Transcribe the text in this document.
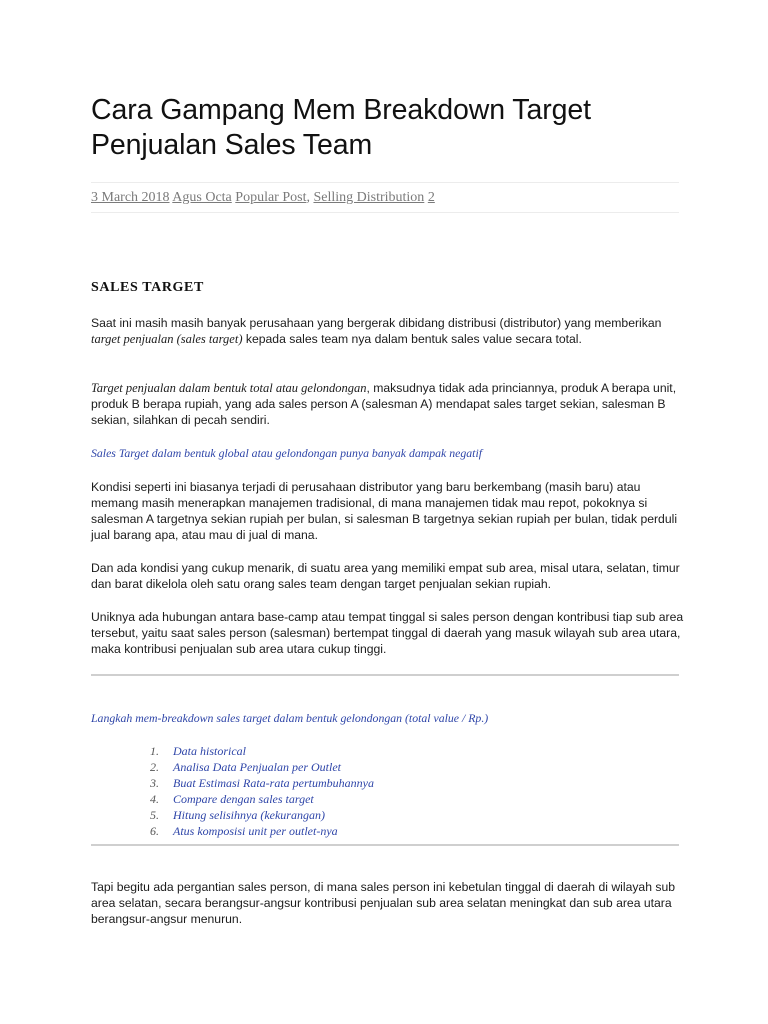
Cara Gampang Mem Breakdown Target Penjualan Sales Team
3 March 2018 Agus Octa Popular Post, Selling Distribution 2
SALES TARGET

Saat ini masih masih banyak perusahaan yang bergerak dibidang distribusi (distributor) yang memberikan target penjualan (sales target) kepada sales team nya dalam bentuk sales value secara total.

Target penjualan dalam bentuk total atau gelondongan, maksudnya tidak ada princiannya, produk A berapa unit, produk B berapa rupiah, yang ada sales person A (salesman A) mendapat sales target sekian, salesman B sekian, silahkan di pecah sendiri.

Sales Target dalam bentuk global atau gelondongan punya banyak dampak negatif

Kondisi seperti ini biasanya terjadi di perusahaan distributor yang baru berkembang (masih baru) atau memang masih menerapkan manajemen tradisional, di mana manajemen tidak mau repot, pokoknya si salesman A targetnya sekian rupiah per bulan, si salesman B targetnya sekian rupiah per bulan, tidak perduli jual barang apa, atau mau di jual di mana.

Dan ada kondisi yang cukup menarik, di suatu area yang memiliki empat sub area, misal utara, selatan, timur dan barat dikelola oleh satu orang sales team dengan target penjualan sekian rupiah.

Uniknya ada hubungan antara base-camp atau tempat tinggal si sales person dengan kontribusi tiap sub area tersebut, yaitu saat sales person (salesman) bertempat tinggal di daerah yang masuk wilayah sub area utara, maka kontribusi penjualan sub area utara cukup tinggi.

Langkah mem-breakdown sales target dalam bentuk gelondongan (total value / Rp.)

1.	Data historical
2.	Analisa Data Penjualan per Outlet
3.	Buat Estimasi Rata-rata pertumbuhannya
4.	Compare dengan sales target
5.	Hitung selisihnya (kekurangan)
6.	Atus komposisi unit per outlet-nya

Tapi begitu ada pergantian sales person, di mana sales person ini kebetulan tinggal di daerah di wilayah sub area selatan, secara berangsur-angsur kontribusi penjualan sub area selatan meningkat dan sub area utara berangsur-angsur menurun.
